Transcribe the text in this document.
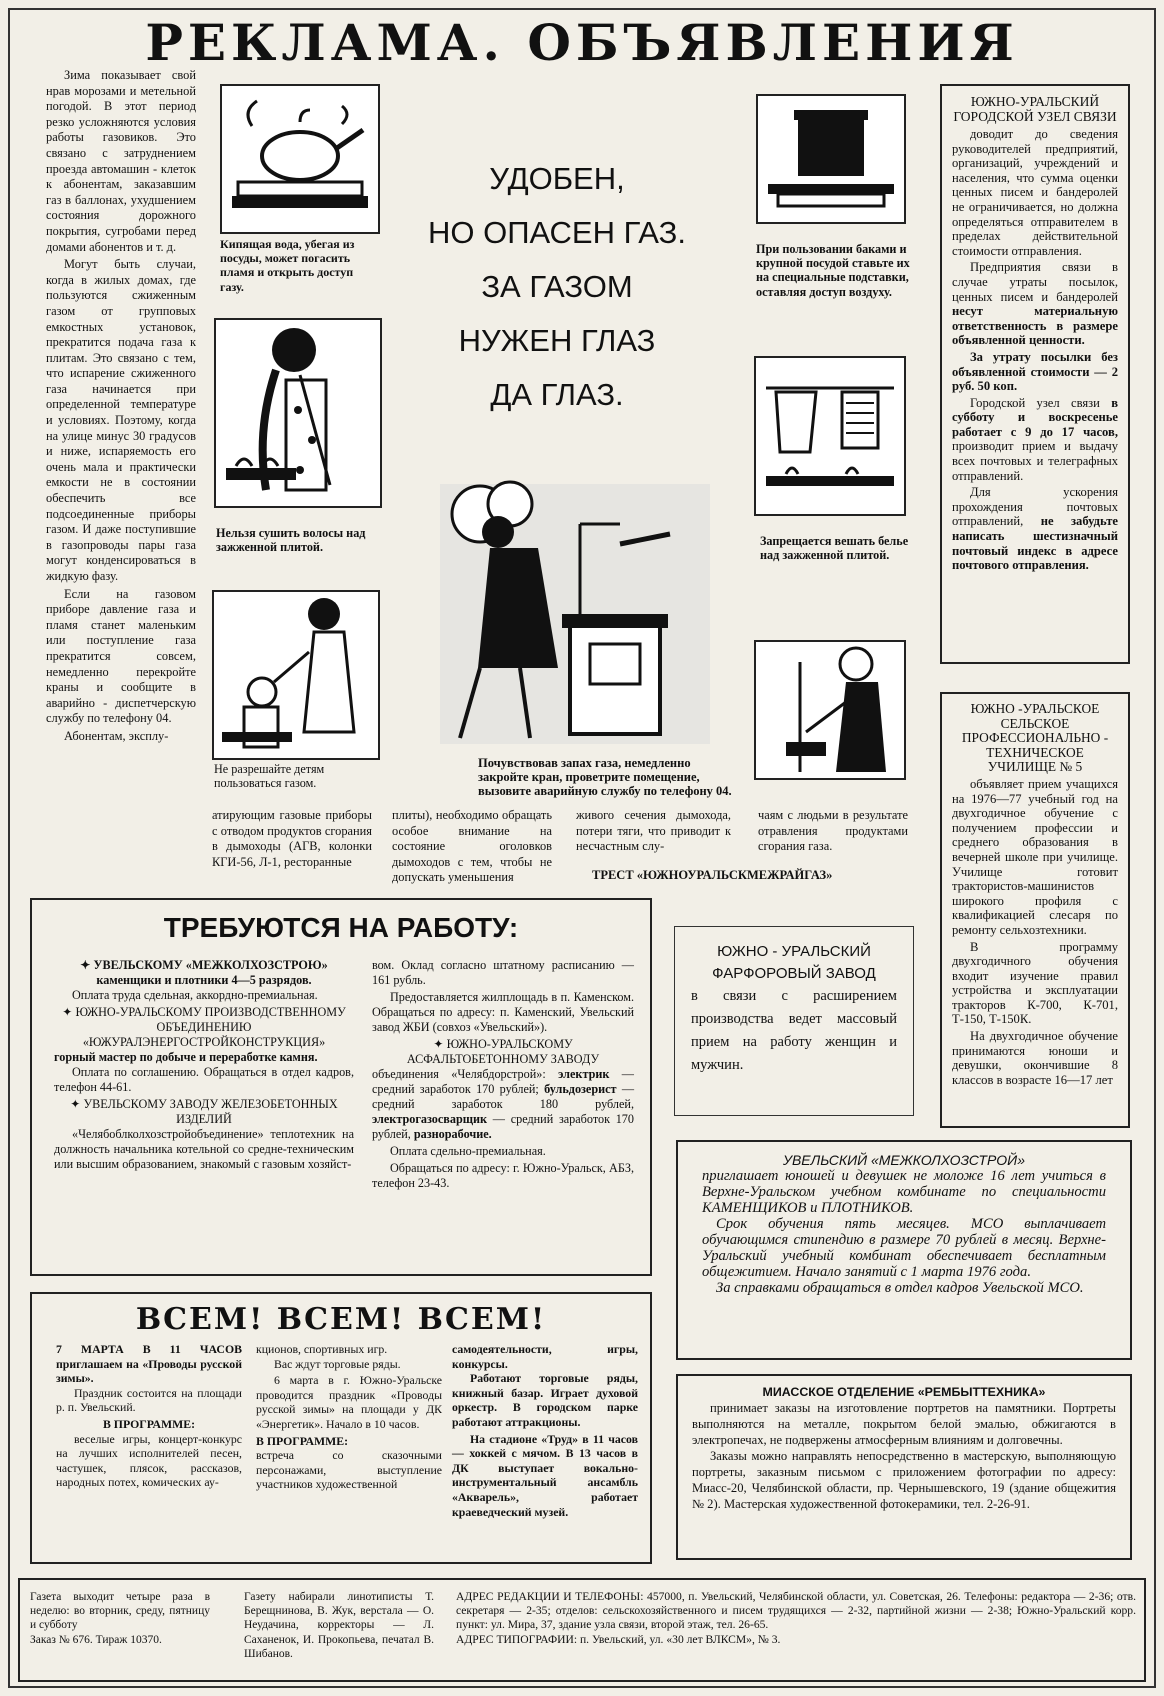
РЕКЛАМА. ОБЪЯВЛЕНИЯ

Зима показывает свой нрав морозами и метельной погодой. В этот период резко усложняются условия работы газовиков. Это связано с затруднением проезда автомашин - клеток к абонентам, заказавшим газ в баллонах, ухудшением состояния дорожного покрытия, сугробами перед домами абонентов и т. д.

Могут быть случаи, когда в жилых домах, где пользуются сжиженным газом от групповых емкостных установок, прекратится подача газа к плитам. Это связано с тем, что испарение сжиженного газа начинается при определенной температуре и условиях. Поэтому, когда на улице минус 30 градусов и ниже, испаряемость его очень мала и практически емкости не в состоянии обеспечить все подсоединенные приборы газом. И даже поступившие в газопроводы пары газа могут конденсироваться в жидкую фазу.

Если на газовом приборе давление газа и пламя станет маленьким или поступление газа прекратится совсем, немедленно перекройте краны и сообщите в аварийно - диспетчерскую службу по телефону 04.

Абонентам, эксплу-

Кипящая вода, убегая из посуды, может погасить пламя и открыть доступ газу.
Нельзя сушить волосы над зажженной плитой.
Не разрешайте детям пользоваться газом.
УДОБЕН,
НО ОПАСЕН ГАЗ.
ЗА ГАЗОМ
НУЖЕН ГЛАЗ
ДА ГЛАЗ.
Почувствовав запах газа, немедленно закройте кран, проветрите помещение, вызовите аварийную службу по телефону 04.
При пользовании баками и крупной посудой ставьте их на специальные подставки, оставляя доступ воздуху.
Запрещается вешать белье над зажженной плитой.
атирующим газовые приборы с отводом продуктов сгорания в дымоходы (АГВ, колонки КГИ-56, Л-1, ресторанные
плиты), необходимо обращать особое внимание на состояние оголовков дымоходов с тем, чтобы не допускать уменьшения
живого сечения дымохода, потери тяги, что приводит к несчастным слу-
чаям с людьми в результате отравления продуктами сгорания газа.
ТРЕСТ «ЮЖНОУРАЛЬСКМЕЖРАЙГАЗ»
ЮЖНО-УРАЛЬСКИЙ ГОРОДСКОЙ УЗЕЛ СВЯЗИ

доводит до сведения руководителей предприятий, организаций, учреждений и населения, что сумма оценки ценных писем и бандеролей не ограничивается, но должна определяться отправителем в пределах действительной стоимости отправления.

Предприятия связи в случае утраты посылок, ценных писем и бандеролей несут материальную ответственность в размере объявленной ценности.

За утрату посылки без объявленной стоимости — 2 руб. 50 коп.

Городской узел связи в субботу и воскресенье работает с 9 до 17 часов, производит прием и выдачу всех почтовых и телеграфных отправлений.

Для ускорения прохождения почтовых отправлений, не забудьте написать шестизначный почтовый индекс в адресе почтового отправления.

ЮЖНО -УРАЛЬСКОЕ СЕЛЬСКОЕ ПРОФЕССИОНАЛЬНО - ТЕХНИЧЕСКОЕ УЧИЛИЩЕ № 5

объявляет прием учащихся на 1976—77 учебный год на двухгодичное обучение с получением профессии и среднего образования в вечерней школе при училище. Училище готовит трактористов-машинистов широкого профиля с квалификацией слесаря по ремонту сельхозтехники.

В программу двухгодичного обучения входит изучение правил устройства и эксплуатации тракторов К-700, К-701, Т-150, Т-150К.

На двухгодичное обучение принимаются юноши и девушки, окончившие 8 классов в возрасте 16—17 лет

ТРЕБУЮТСЯ НА РАБОТУ:
✦ УВЕЛЬСКОМУ «МЕЖКОЛХОЗСТРОЮ»
каменщики и плотники 4—5 разрядов.

Оплата труда сдельная, аккордно-премиальная.

✦ ЮЖНО-УРАЛЬСКОМУ ПРОИЗВОДСТВЕННОМУ ОБЪЕДИНЕНИЮ «ЮЖУРАЛЭНЕРГОСТРОЙКОНСТРУКЦИЯ»
горный мастер по добыче и переработке камня.

Оплата по соглашению. Обращаться в отдел кадров, телефон 44-61.

✦ УВЕЛЬСКОМУ ЗАВОДУ ЖЕЛЕЗОБЕТОННЫХ ИЗДЕЛИЙ

«Челябоблколхозстройобъединение» теплотехник на должность начальника котельной со средне-техническим или высшим образованием, знакомый с газовым хозяйст-

вом. Оклад согласно штатному расписанию — 161 рубль.

Предоставляется жилплощадь в п. Каменском. Обращаться по адресу: п. Каменский, Увельский завод ЖБИ (совхоз «Увельский»).

✦ ЮЖНО-УРАЛЬСКОМУ АСФАЛЬТОБЕТОННОМУ ЗАВОДУ

объединения «Челябдорстрой»: электрик — средний заработок 170 рублей; бульдозерист — средний заработок 180 рублей, электрогазосварщик — средний заработок 170 рублей, разнорабочие.

Оплата сдельно-премиальная.

Обращаться по адресу: г. Южно-Уральск, АБЗ, телефон 23-43.

ЮЖНО - УРАЛЬСКИЙ ФАРФОРОВЫЙ ЗАВОД
в связи с расширением производства ведет массовый прием на работу женщин и мужчин.
УВЕЛЬСКИЙ «МЕЖКОЛХОЗСТРОЙ»
приглашает юношей и девушек не моложе 16 лет учиться в Верхне-Уральском учебном комбинате по специальности КАМЕНЩИКОВ и ПЛОТНИКОВ.
Срок обучения пять месяцев. МСО выплачивает обучающимся стипендию в размере 70 рублей в месяц. Верхне-Уральский учебный комбинат обеспечивает бесплатным общежитием. Начало занятий с 1 марта 1976 года.
За справками обращаться в отдел кадров Увельской МСО.
ВСЕМ! ВСЕМ! ВСЕМ!
7 МАРТА В 11 ЧАСОВ приглашаем на «Проводы русской зимы».

Праздник состоится на площади р. п. Увельский.

В ПРОГРАММЕ:

веселые игры, концерт-конкурс на лучших исполнителей песен, частушек, плясок, рассказов, народных потех, комических ау-

кционов, спортивных игр.

Вас ждут торговые ряды.

6 марта в г. Южно-Уральске проводится праздник «Проводы русской зимы» на площади у ДК «Энергетик». Начало в 10 часов.

В ПРОГРАММЕ:

встреча со сказочными персонажами, выступление участников художественной

самодеятельности, игры, конкурсы.

Работают торговые ряды, книжный базар. Играет духовой оркестр. В городском парке работают аттракционы.

На стадионе «Труд» в 11 часов — хоккей с мячом. В 13 часов в ДК выступает вокально-инструментальный ансамбль «Акварель», работает краеведческий музей.

МИАССКОЕ ОТДЕЛЕНИЕ «РЕМБЫТТЕХНИКА»
принимает заказы на изготовление портретов на памятники. Портреты выполняются на металле, покрытом белой эмалью, обжигаются в электропечах, не подвержены атмосферным влияниям и долговечны.
Заказы можно направлять непосредственно в мастерскую, выполняющую портреты, заказным письмом с приложением фотографии по адресу: Миасс-20, Челябинской области, пр. Чернышевского, 19 (здание общежития № 2). Мастерская художественной фотокерамики, тел. 2-26-91.
Газета выходит четыре раза в неделю: во вторник, среду, пятницу и субботу
Заказ № 676. Тираж 10370.
Газету набирали линотиписты Т. Берещнинова, В. Жук, верстала — О. Неудачина, корректоры — Л. Саханенок, И. Прокопьева, печатал В. Шибанов.
АДРЕС РЕДАКЦИИ И ТЕЛЕФОНЫ: 457000, п. Увельский, Челябинской области, ул. Советская, 26. Телефоны: редактора — 2-36; отв. секретаря — 2-35; отделов: сельскохозяйственного и писем трудящихся — 2-32, партийной жизни — 2-38; Южно-Уральский корр. пункт: ул. Мира, 37, здание узла связи, второй этаж, тел. 26-65.
АДРЕС ТИПОГРАФИИ: п. Увельский, ул. «30 лет ВЛКСМ», № 3.
